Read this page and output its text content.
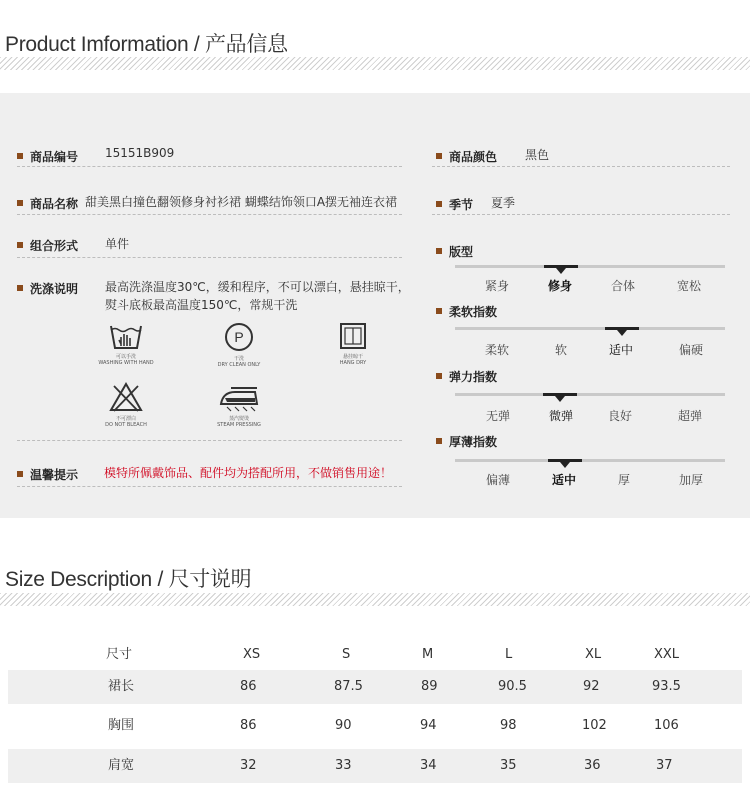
Product Imformation / 产品信息
商品编号 15151B909
商品名称 甜美黑白撞色翻领修身衬衫裙 蝴蝶结饰领口A摆无袖连衣裙
组合形式 单件
洗涤说明 最高洗涤温度30℃，缓和程序，不可以漂白，悬挂晾干，
熨斗底板最高温度150℃，常规干洗
可以手洗
WASHING WITH HAND
P
干洗
DRY CLEAN ONLY
悬挂晾干
HANG DRY
不可漂白
DO NOT BLEACH
蒸汽熨烫
STEAM PRESSING
温馨提示 模特所佩戴饰品、配件均为搭配所用，不做销售用途！
商品颜色 黑色
季节 夏季
版型
紧身	修身	合体	宽松
柔软指数
柔软	软	适中	偏硬
弹力指数
无弹	微弹	良好	超弹
厚薄指数
偏薄	适中	厚	加厚
Size Description / 尺寸说明
尺寸	XS	S	M	L	XL	XXL
裙长	86	87.5	89	90.5	92	93.5
胸围	86	90	94	98	102	106
肩宽	32	33	34	35	36	37
